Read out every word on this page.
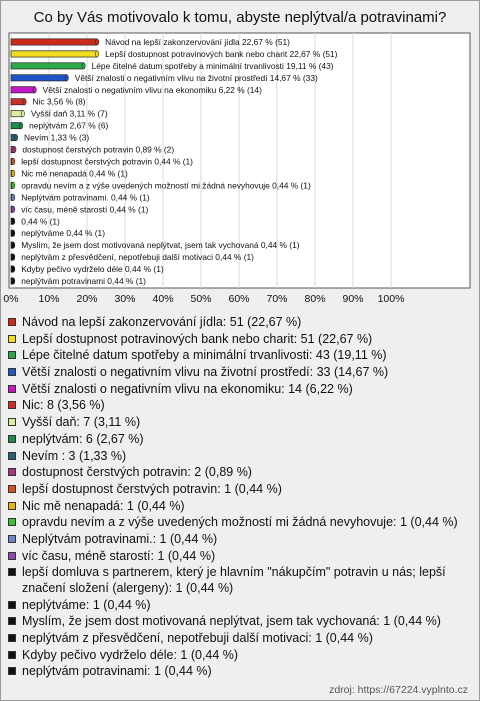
Co by Vás motivovalo k tomu, abyste neplýtval/a potravinami?
0% 10% 20% 30% 40% 50% 60% 70% 80% 90% 100%
Návod na lepší zakonzervování jídla 22,67 % (51)
Lepší dostupnost potravinových bank nebo charit 22,67 % (51)
Lépe čitelné datum spotřeby a minimální trvanlivosti 19,11 % (43)
Větší znalosti o negativním vlivu na životní prostředí 14,67 % (33)
Větší znalosti o negativním vlivu na ekonomiku 6,22 % (14)
Nic 3,56 % (8)
Vyšší daň 3,11 % (7)
neplýtvám 2,67 % (6)
Nevím 1,33 % (3)
dostupnost čerstvých potravin 0,89 % (2)
lepší dostupnost čerstvých potravin 0,44 % (1)
Nic mě nenapadá 0,44 % (1)
opravdu nevím a z výše uvedených možností mi žádná nevyhovuje 0,44 % (1)
Neplýtvám potravinami. 0,44 % (1)
víc času, méně starostí 0,44 % (1)
0,44 % (1)
neplýtváme 0,44 % (1)
Myslím, že jsem dost motivovaná neplýtvat, jsem tak vychovaná 0,44 % (1)
neplýtvám z přesvědčení, nepotřebuji další motivaci 0,44 % (1)
Kdyby pečivo vydrželo déle 0,44 % (1)
neplýtvám potravinami 0,44 % (1)
Návod na lepší zakonzervování jídla: 51 (22,67 %)
Lepší dostupnost potravinových bank nebo charit: 51 (22,67 %)
Lépe čitelné datum spotřeby a minimální trvanlivosti: 43 (19,11 %)
Větší znalosti o negativním vlivu na životní prostředí: 33 (14,67 %)
Větší znalosti o negativním vlivu na ekonomiku: 14 (6,22 %)
Nic: 8 (3,56 %)
Vyšší daň: 7 (3,11 %)
neplýtvám: 6 (2,67 %)
Nevím : 3 (1,33 %)
dostupnost čerstvých potravin: 2 (0,89 %)
lepší dostupnost čerstvých potravin: 1 (0,44 %)
Nic mě nenapadá: 1 (0,44 %)
opravdu nevím a z výše uvedených možností mi žádná nevyhovuje: 1 (0,44 %)
Neplýtvám potravinami.: 1 (0,44 %)
víc času, méně starostí: 1 (0,44 %)
lepší domluva s partnerem, který je hlavním "nákupčím" potravin u nás; lepší značení složení (alergeny): 1 (0,44 %)
neplýtváme: 1 (0,44 %)
Myslím, že jsem dost motivovaná neplýtvat, jsem tak vychovaná: 1 (0,44 %)
neplýtvám z přesvědčení, nepotřebuji další motivaci: 1 (0,44 %)
Kdyby pečivo vydrželo déle: 1 (0,44 %)
neplýtvám potravinami: 1 (0,44 %)
zdroj: https://67224.vyplnto.cz
